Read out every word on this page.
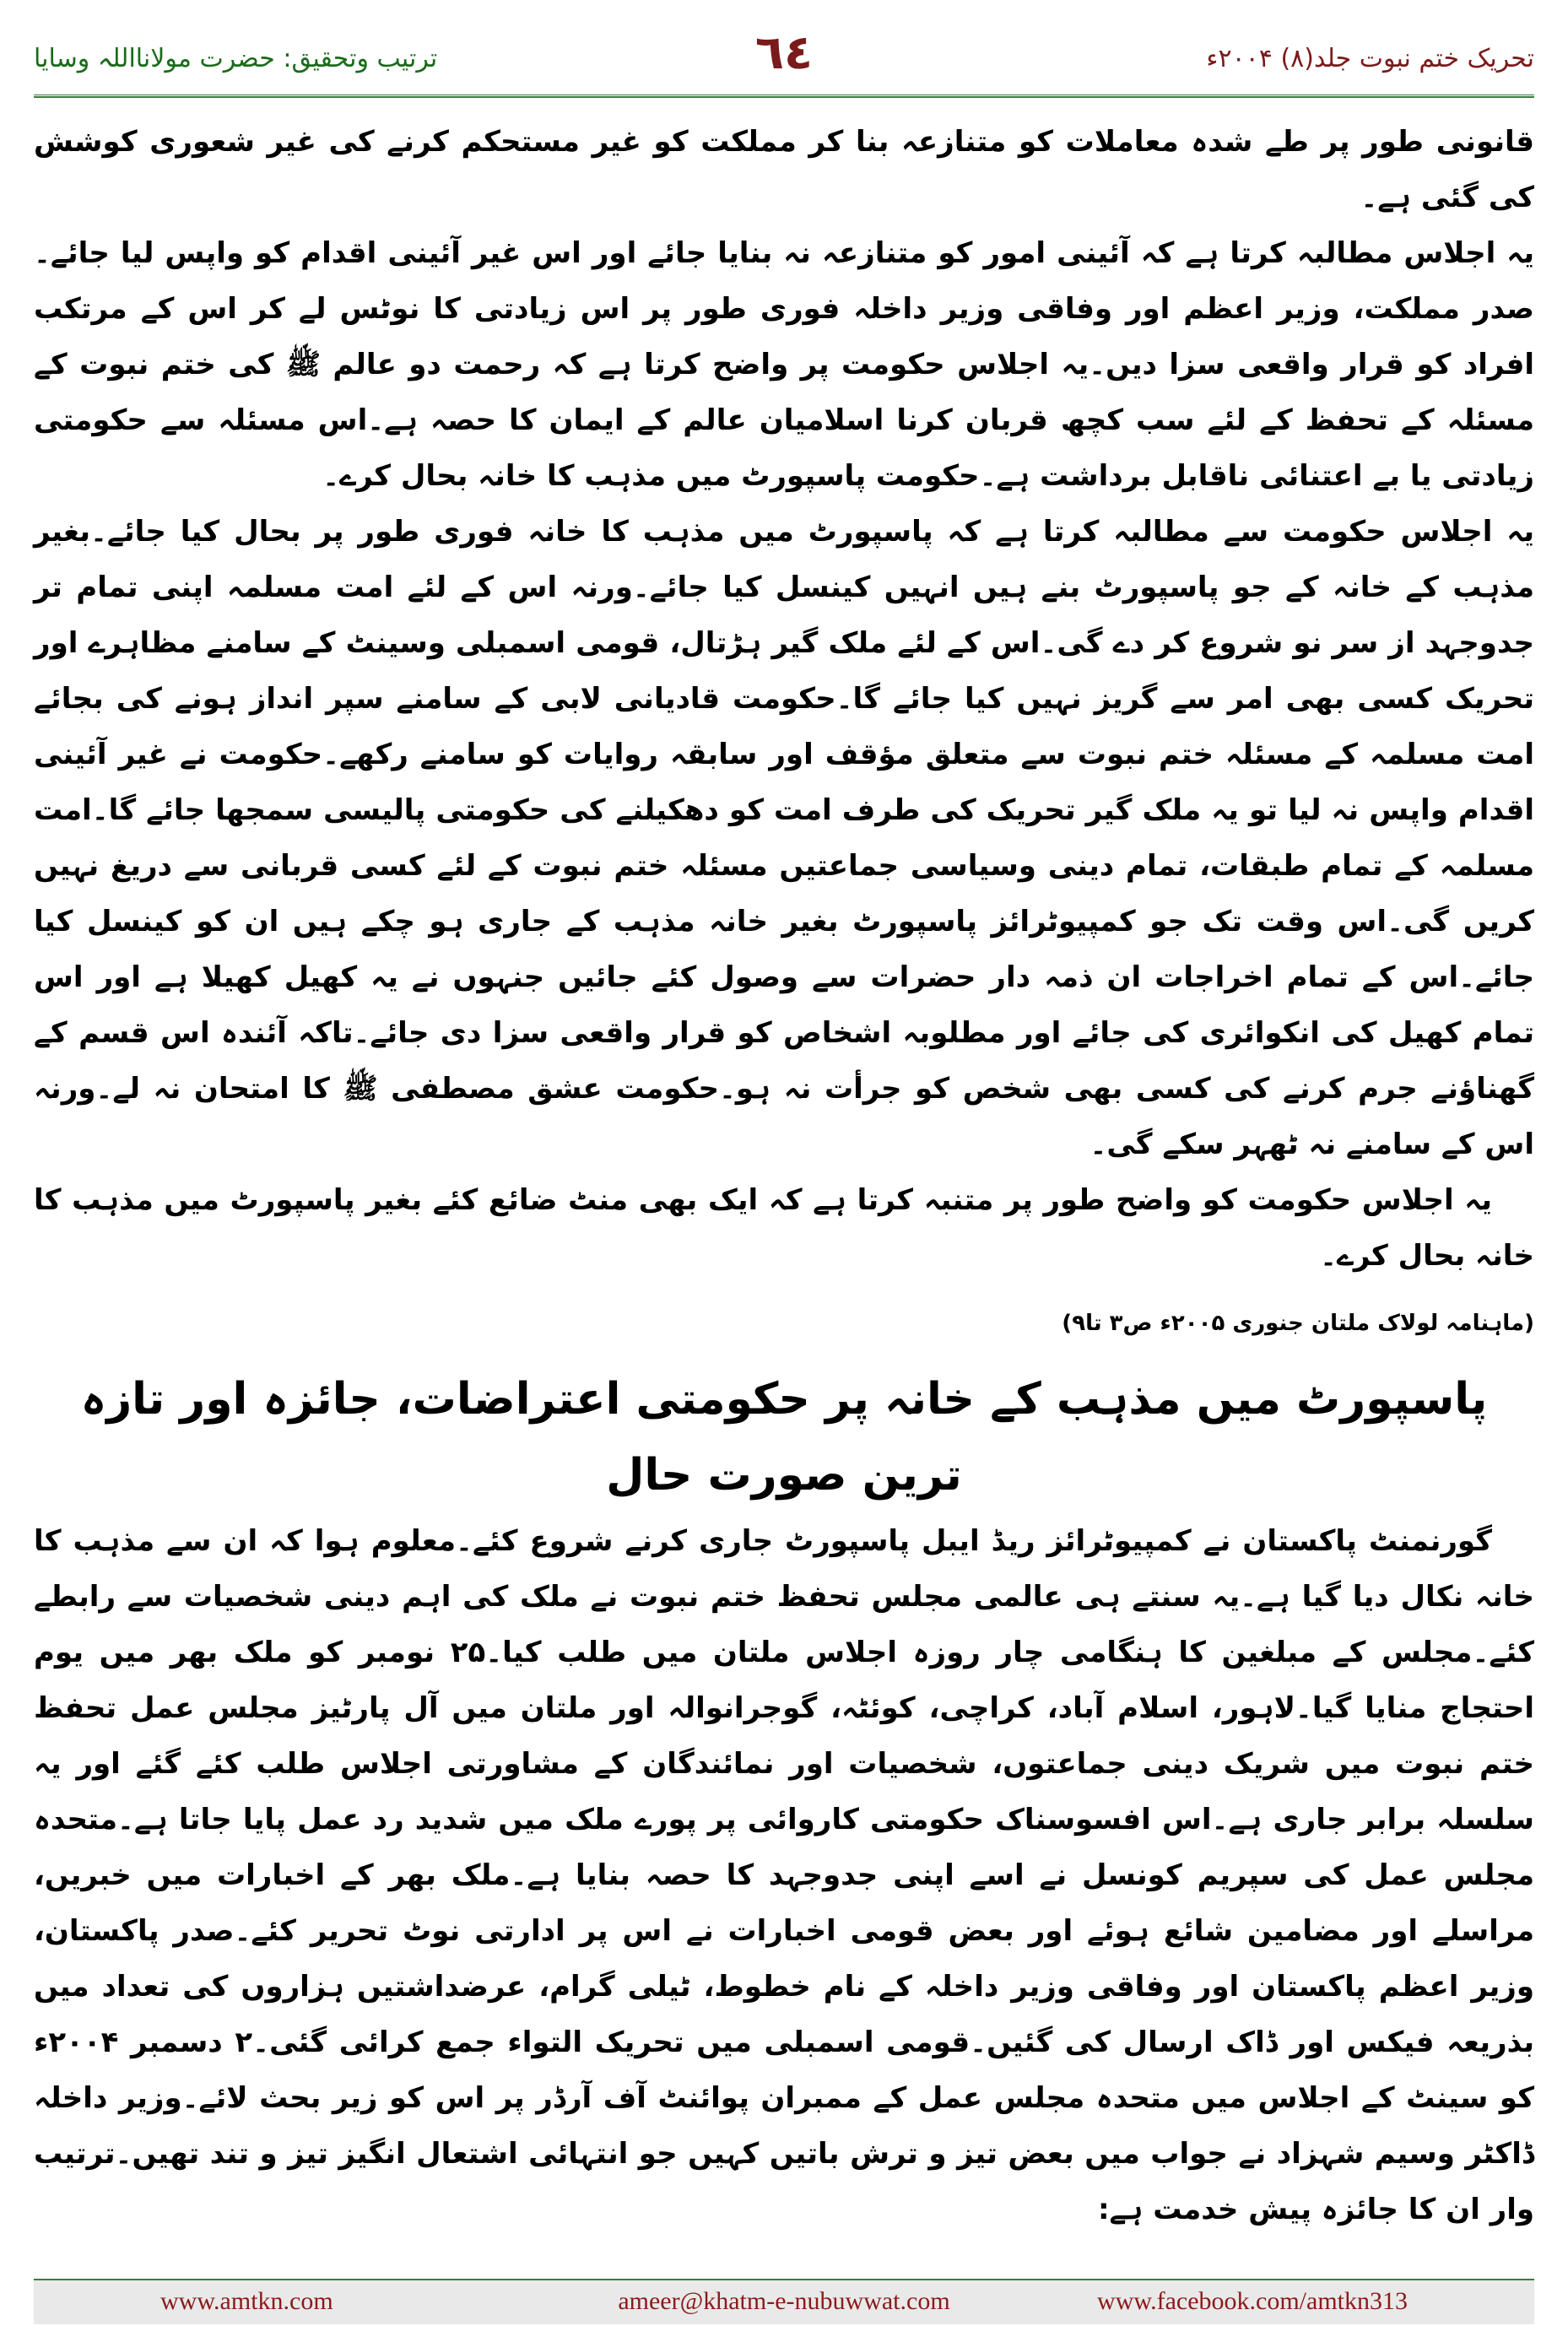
تحریک ختم نبوت جلد(۸) ۲۰۰۴ء
٦٤
ترتیب وتحقیق: حضرت مولانااللہ وسایا

قانونی طور پر طے شدہ معاملات کو متنازعہ بنا کر مملکت کو غیر مستحکم کرنے کی غیر شعوری کوشش کی گئی ہے۔

یہ اجلاس مطالبہ کرتا ہے کہ آئینی امور کو متنازعہ نہ بنایا جائے اور اس غیر آئینی اقدام کو واپس لیا جائے۔صدر مملکت، وزیر اعظم اور وفاقی وزیر داخلہ فوری طور پر اس زیادتی کا نوٹس لے کر اس کے مرتکب افراد کو قرار واقعی سزا دیں۔یہ اجلاس حکومت پر واضح کرتا ہے کہ رحمت دو عالم ﷺ کی ختم نبوت کے مسئلہ کے تحفظ کے لئے سب کچھ قربان کرنا اسلامیان عالم کے ایمان کا حصہ ہے۔اس مسئلہ سے حکومتی زیادتی یا بے اعتنائی ناقابل برداشت ہے۔حکومت پاسپورٹ میں مذہب کا خانہ بحال کرے۔

یہ اجلاس حکومت سے مطالبہ کرتا ہے کہ پاسپورٹ میں مذہب کا خانہ فوری طور پر بحال کیا جائے۔بغیر مذہب کے خانہ کے جو پاسپورٹ بنے ہیں انہیں کینسل کیا جائے۔ورنہ اس کے لئے امت مسلمہ اپنی تمام تر جدوجہد از سر نو شروع کر دے گی۔اس کے لئے ملک گیر ہڑتال، قومی اسمبلی وسینٹ کے سامنے مظاہرے اور تحریک کسی بھی امر سے گریز نہیں کیا جائے گا۔حکومت قادیانی لابی کے سامنے سپر انداز ہونے کی بجائے امت مسلمہ کے مسئلہ ختم نبوت سے متعلق مؤقف اور سابقہ روایات کو سامنے رکھے۔حکومت نے غیر آئینی اقدام واپس نہ لیا تو یہ ملک گیر تحریک کی طرف امت کو دھکیلنے کی حکومتی پالیسی سمجھا جائے گا۔امت مسلمہ کے تمام طبقات، تمام دینی وسیاسی جماعتیں مسئلہ ختم نبوت کے لئے کسی قربانی سے دریغ نہیں کریں گی۔اس وقت تک جو کمپیوٹرائز پاسپورٹ بغیر خانہ مذہب کے جاری ہو چکے ہیں ان کو کینسل کیا جائے۔اس کے تمام اخراجات ان ذمہ دار حضرات سے وصول کئے جائیں جنہوں نے یہ کھیل کھیلا ہے اور اس تمام کھیل کی انکوائری کی جائے اور مطلوبہ اشخاص کو قرار واقعی سزا دی جائے۔تاکہ آئندہ اس قسم کے گھناؤنے جرم کرنے کی کسی بھی شخص کو جرأت نہ ہو۔حکومت عشق مصطفی ﷺ کا امتحان نہ لے۔ورنہ اس کے سامنے نہ ٹھہر سکے گی۔

یہ اجلاس حکومت کو واضح طور پر متنبہ کرتا ہے کہ ایک بھی منٹ ضائع کئے بغیر پاسپورٹ میں مذہب کا خانہ بحال کرے۔

(ماہنامہ لولاک ملتان جنوری ۲۰۰۵ء ص۳ تا۹)

پاسپورٹ میں مذہب کے خانہ پر حکومتی اعتراضات، جائزہ اور تازہ ترین صورت حال

گورنمنٹ پاکستان نے کمپیوٹرائز ریڈ ایبل پاسپورٹ جاری کرنے شروع کئے۔معلوم ہوا کہ ان سے مذہب کا خانہ نکال دیا گیا ہے۔یہ سنتے ہی عالمی مجلس تحفظ ختم نبوت نے ملک کی اہم دینی شخصیات سے رابطے کئے۔مجلس کے مبلغین کا ہنگامی چار روزہ اجلاس ملتان میں طلب کیا۔۲۵ نومبر کو ملک بھر میں یوم احتجاج منایا گیا۔لاہور، اسلام آباد، کراچی، کوئٹہ، گوجرانوالہ اور ملتان میں آل پارٹیز مجلس عمل تحفظ ختم نبوت میں شریک دینی جماعتوں، شخصیات اور نمائندگان کے مشاورتی اجلاس طلب کئے گئے اور یہ سلسلہ برابر جاری ہے۔اس افسوسناک حکومتی کاروائی پر پورے ملک میں شدید رد عمل پایا جاتا ہے۔متحدہ مجلس عمل کی سپریم کونسل نے اسے اپنی جدوجہد کا حصہ بنایا ہے۔ملک بھر کے اخبارات میں خبریں، مراسلے اور مضامین شائع ہوئے اور بعض قومی اخبارات نے اس پر ادارتی نوٹ تحریر کئے۔صدر پاکستان، وزیر اعظم پاکستان اور وفاقی وزیر داخلہ کے نام خطوط، ٹیلی گرام، عرضداشتیں ہزاروں کی تعداد میں بذریعہ فیکس اور ڈاک ارسال کی گئیں۔قومی اسمبلی میں تحریک التواء جمع کرائی گئی۔۲ دسمبر ۲۰۰۴ء کو سینٹ کے اجلاس میں متحدہ مجلس عمل کے ممبران پوائنٹ آف آرڈر پر اس کو زیر بحث لائے۔وزیر داخلہ ڈاکٹر وسیم شہزاد نے جواب میں بعض تیز و ترش باتیں کہیں جو انتہائی اشتعال انگیز تیز و تند تھیں۔ترتیب وار ان کا جائزہ پیش خدمت ہے:

www.amtkn.com	ameer@khatm-e-nubuwwat.com	www.facebook.com/amtkn313
